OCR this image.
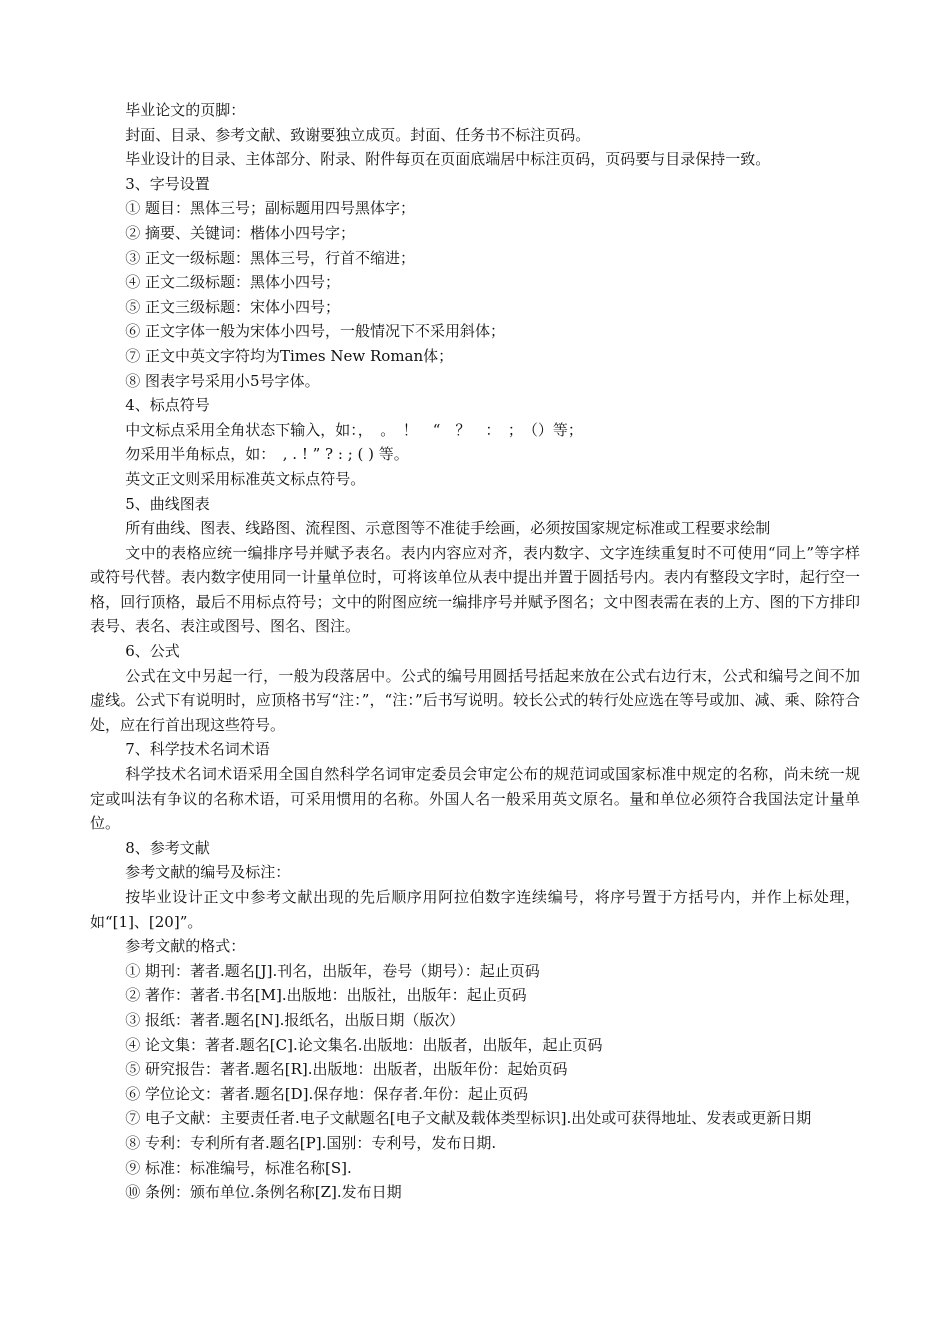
毕业论文的页脚：

封面、目录、参考文献、致谢要独立成页。封面、任务书不标注页码。

毕业设计的目录、主体部分、附录、附件每页在页面底端居中标注页码，页码要与目录保持一致。

3、字号设置

① 题目：黑体三号；副标题用四号黑体字；

② 摘要、关键词：楷体小四号字；

③ 正文一级标题：黑体三号，行首不缩进；

④ 正文二级标题：黑体小四号；

⑤ 正文三级标题：宋体小四号；

⑥ 正文字体一般为宋体小四号，一般情况下不采用斜体；

⑦ 正文中英文字符均为Times New Roman体；

⑧ 图表字号采用小5号字体。

4、标点符号

中文标点采用全角状态下输入，如：，　。　！　“　？　：　；　（）等；

勿采用半角标点，如：　, . ! ” ? : ; ( ) 等。

英文正文则采用标准英文标点符号。

5、曲线图表

所有曲线、图表、线路图、流程图、示意图等不准徒手绘画，必须按国家规定标准或工程要求绘制

文中的表格应统一编排序号并赋予表名。表内内容应对齐，表内数字、文字连续重复时不可使用“同上”等字样或符号代替。表内数字使用同一计量单位时，可将该单位从表中提出并置于圆括号内。表内有整段文字时，起行空一格，回行顶格，最后不用标点符号；文中的附图应统一编排序号并赋予图名；文中图表需在表的上方、图的下方排印表号、表名、表注或图号、图名、图注。

6、公式

公式在文中另起一行，一般为段落居中。公式的编号用圆括号括起来放在公式右边行末，公式和编号之间不加虚线。公式下有说明时，应顶格书写“注：”，“注：”后书写说明。较长公式的转行处应选在等号或加、减、乘、除符合处，应在行首出现这些符号。

7、科学技术名词术语

科学技术名词术语采用全国自然科学名词审定委员会审定公布的规范词或国家标准中规定的名称，尚未统一规定或叫法有争议的名称术语，可采用惯用的名称。外国人名一般采用英文原名。量和单位必须符合我国法定计量单位。

8、参考文献

参考文献的编号及标注：

按毕业设计正文中参考文献出现的先后顺序用阿拉伯数字连续编号，将序号置于方括号内，并作上标处理，如“[1]、[20]”。

参考文献的格式：

① 期刊：著者.题名[J].刊名，出版年，卷号（期号）：起止页码

② 著作：著者.书名[M].出版地：出版社，出版年：起止页码

③ 报纸：著者.题名[N].报纸名，出版日期（版次）

④ 论文集：著者.题名[C].论文集名.出版地：出版者，出版年，起止页码

⑤ 研究报告：著者.题名[R].出版地：出版者，出版年份：起始页码

⑥ 学位论文：著者.题名[D].保存地：保存者.年份：起止页码

⑦ 电子文献：主要责任者.电子文献题名[电子文献及载体类型标识].出处或可获得地址、发表或更新日期

⑧ 专利：专利所有者.题名[P].国别：专利号，发布日期.

⑨ 标准：标准编号，标准名称[S].

⑩ 条例：颁布单位.条例名称[Z].发布日期
